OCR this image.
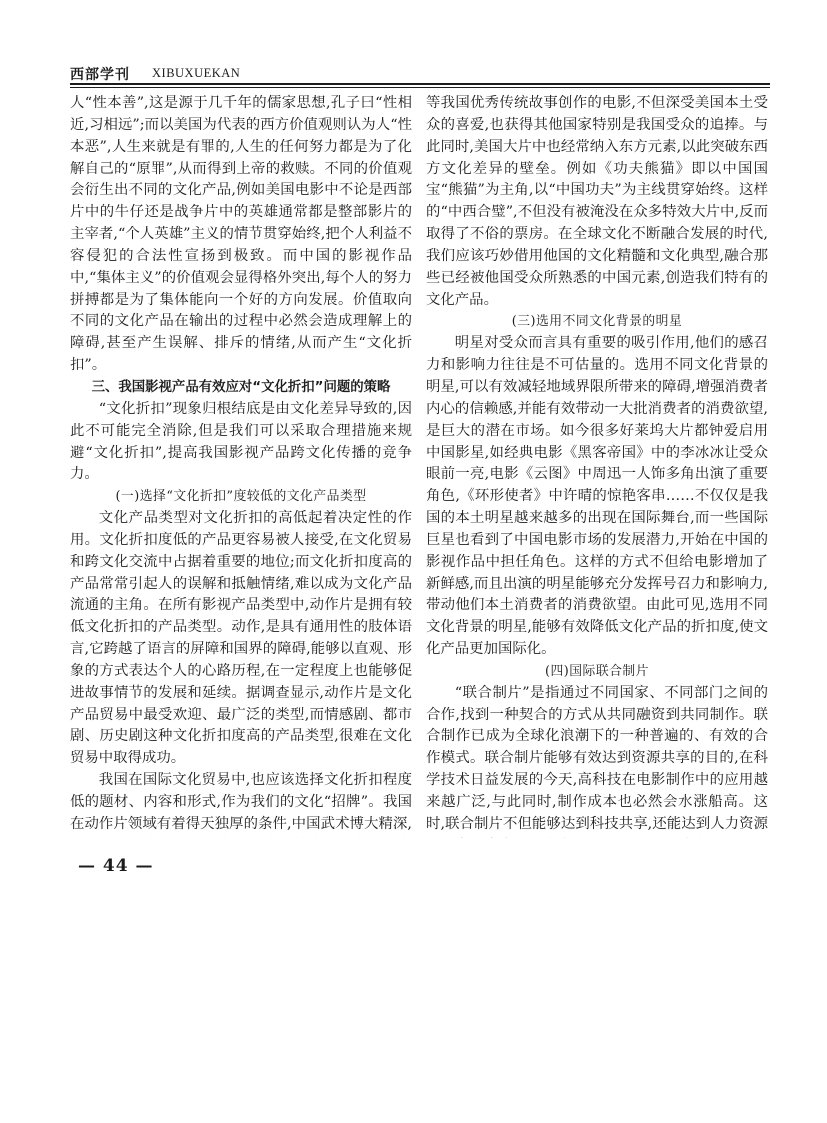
西部学刊 XIBUXUEKAN

人“性本善”,这是源于几千年的儒家思想,孔子曰“性相近,习相远”;而以美国为代表的西方价值观则认为人“性本恶”,人生来就是有罪的,人生的任何努力都是为了化解自己的“原罪”,从而得到上帝的救赎。不同的价值观会衍生出不同的文化产品,例如美国电影中不论是西部片中的牛仔还是战争片中的英雄通常都是整部影片的主宰者,“个人英雄”主义的情节贯穿始终,把个人利益不容侵犯的合法性宣扬到极致。而中国的影视作品中,“集体主义”的价值观会显得格外突出,每个人的努力拼搏都是为了集体能向一个好的方向发展。价值取向不同的文化产品在输出的过程中必然会造成理解上的障碍,甚至产生误解、排斥的情绪,从而产生“文化折扣”。

三、我国影视产品有效应对“文化折扣”问题的策略

“文化折扣”现象归根结底是由文化差异导致的,因此不可能完全消除,但是我们可以采取合理措施来规避“文化折扣”,提高我国影视产品跨文化传播的竞争力。

(一)选择“文化折扣”度较低的文化产品类型

文化产品类型对文化折扣的高低起着决定性的作用。文化折扣度低的产品更容易被人接受,在文化贸易和跨文化交流中占据着重要的地位;而文化折扣度高的产品常常引起人的误解和抵触情绪,难以成为文化产品流通的主角。在所有影视产品类型中,动作片是拥有较低文化折扣的产品类型。动作,是具有通用性的肢体语言,它跨越了语言的屏障和国界的障碍,能够以直观、形象的方式表达个人的心路历程,在一定程度上也能够促进故事情节的发展和延续。据调查显示,动作片是文化产品贸易中最受欢迎、最广泛的类型,而情感剧、都市剧、历史剧这种文化折扣度高的产品类型,很难在文化贸易中取得成功。

我国在国际文化贸易中,也应该选择文化折扣程度低的题材、内容和形式,作为我们的文化“招牌”。我国在动作片领域有着得天独厚的条件,中国武术博大精深,

等我国优秀传统故事创作的电影,不但深受美国本土受众的喜爱,也获得其他国家特别是我国受众的追捧。与此同时,美国大片中也经常纳入东方元素,以此突破东西方文化差异的壁垒。例如《功夫熊猫》即以中国国宝“熊猫”为主角,以“中国功夫”为主线贯穿始终。这样的“中西合璧”,不但没有被淹没在众多特效大片中,反而取得了不俗的票房。在全球文化不断融合发展的时代,我们应该巧妙借用他国的文化精髓和文化典型,融合那些已经被他国受众所熟悉的中国元素,创造我们特有的文化产品。

(三)选用不同文化背景的明星

明星对受众而言具有重要的吸引作用,他们的感召力和影响力往往是不可估量的。选用不同文化背景的明星,可以有效减轻地域界限所带来的障碍,增强消费者内心的信赖感,并能有效带动一大批消费者的消费欲望,是巨大的潜在市场。如今很多好莱坞大片都钟爱启用中国影星,如经典电影《黑客帝国》中的李冰冰让受众眼前一亮,电影《云图》中周迅一人饰多角出演了重要角色,《环形使者》中许晴的惊艳客串……不仅仅是我国的本土明星越来越多的出现在国际舞台,而一些国际巨星也看到了中国电影市场的发展潜力,开始在中国的影视作品中担任角色。这样的方式不但给电影增加了新鲜感,而且出演的明星能够充分发挥号召力和影响力,带动他们本土消费者的消费欲望。由此可见,选用不同文化背景的明星,能够有效降低文化产品的折扣度,使文化产品更加国际化。

(四)国际联合制片

“联合制片”是指通过不同国家、不同部门之间的合作,找到一种契合的方式从共同融资到共同制作。联合制作已成为全球化浪潮下的一种普遍的、有效的合作模式。联合制片能够有效达到资源共享的目的,在科学技术日益发展的今天,高科技在电影制作中的应用越来越广泛,与此同时,制作成本也必然会水涨船高。这时,联合制片不但能够达到科技共享,还能达到人力资源

— 44 —
